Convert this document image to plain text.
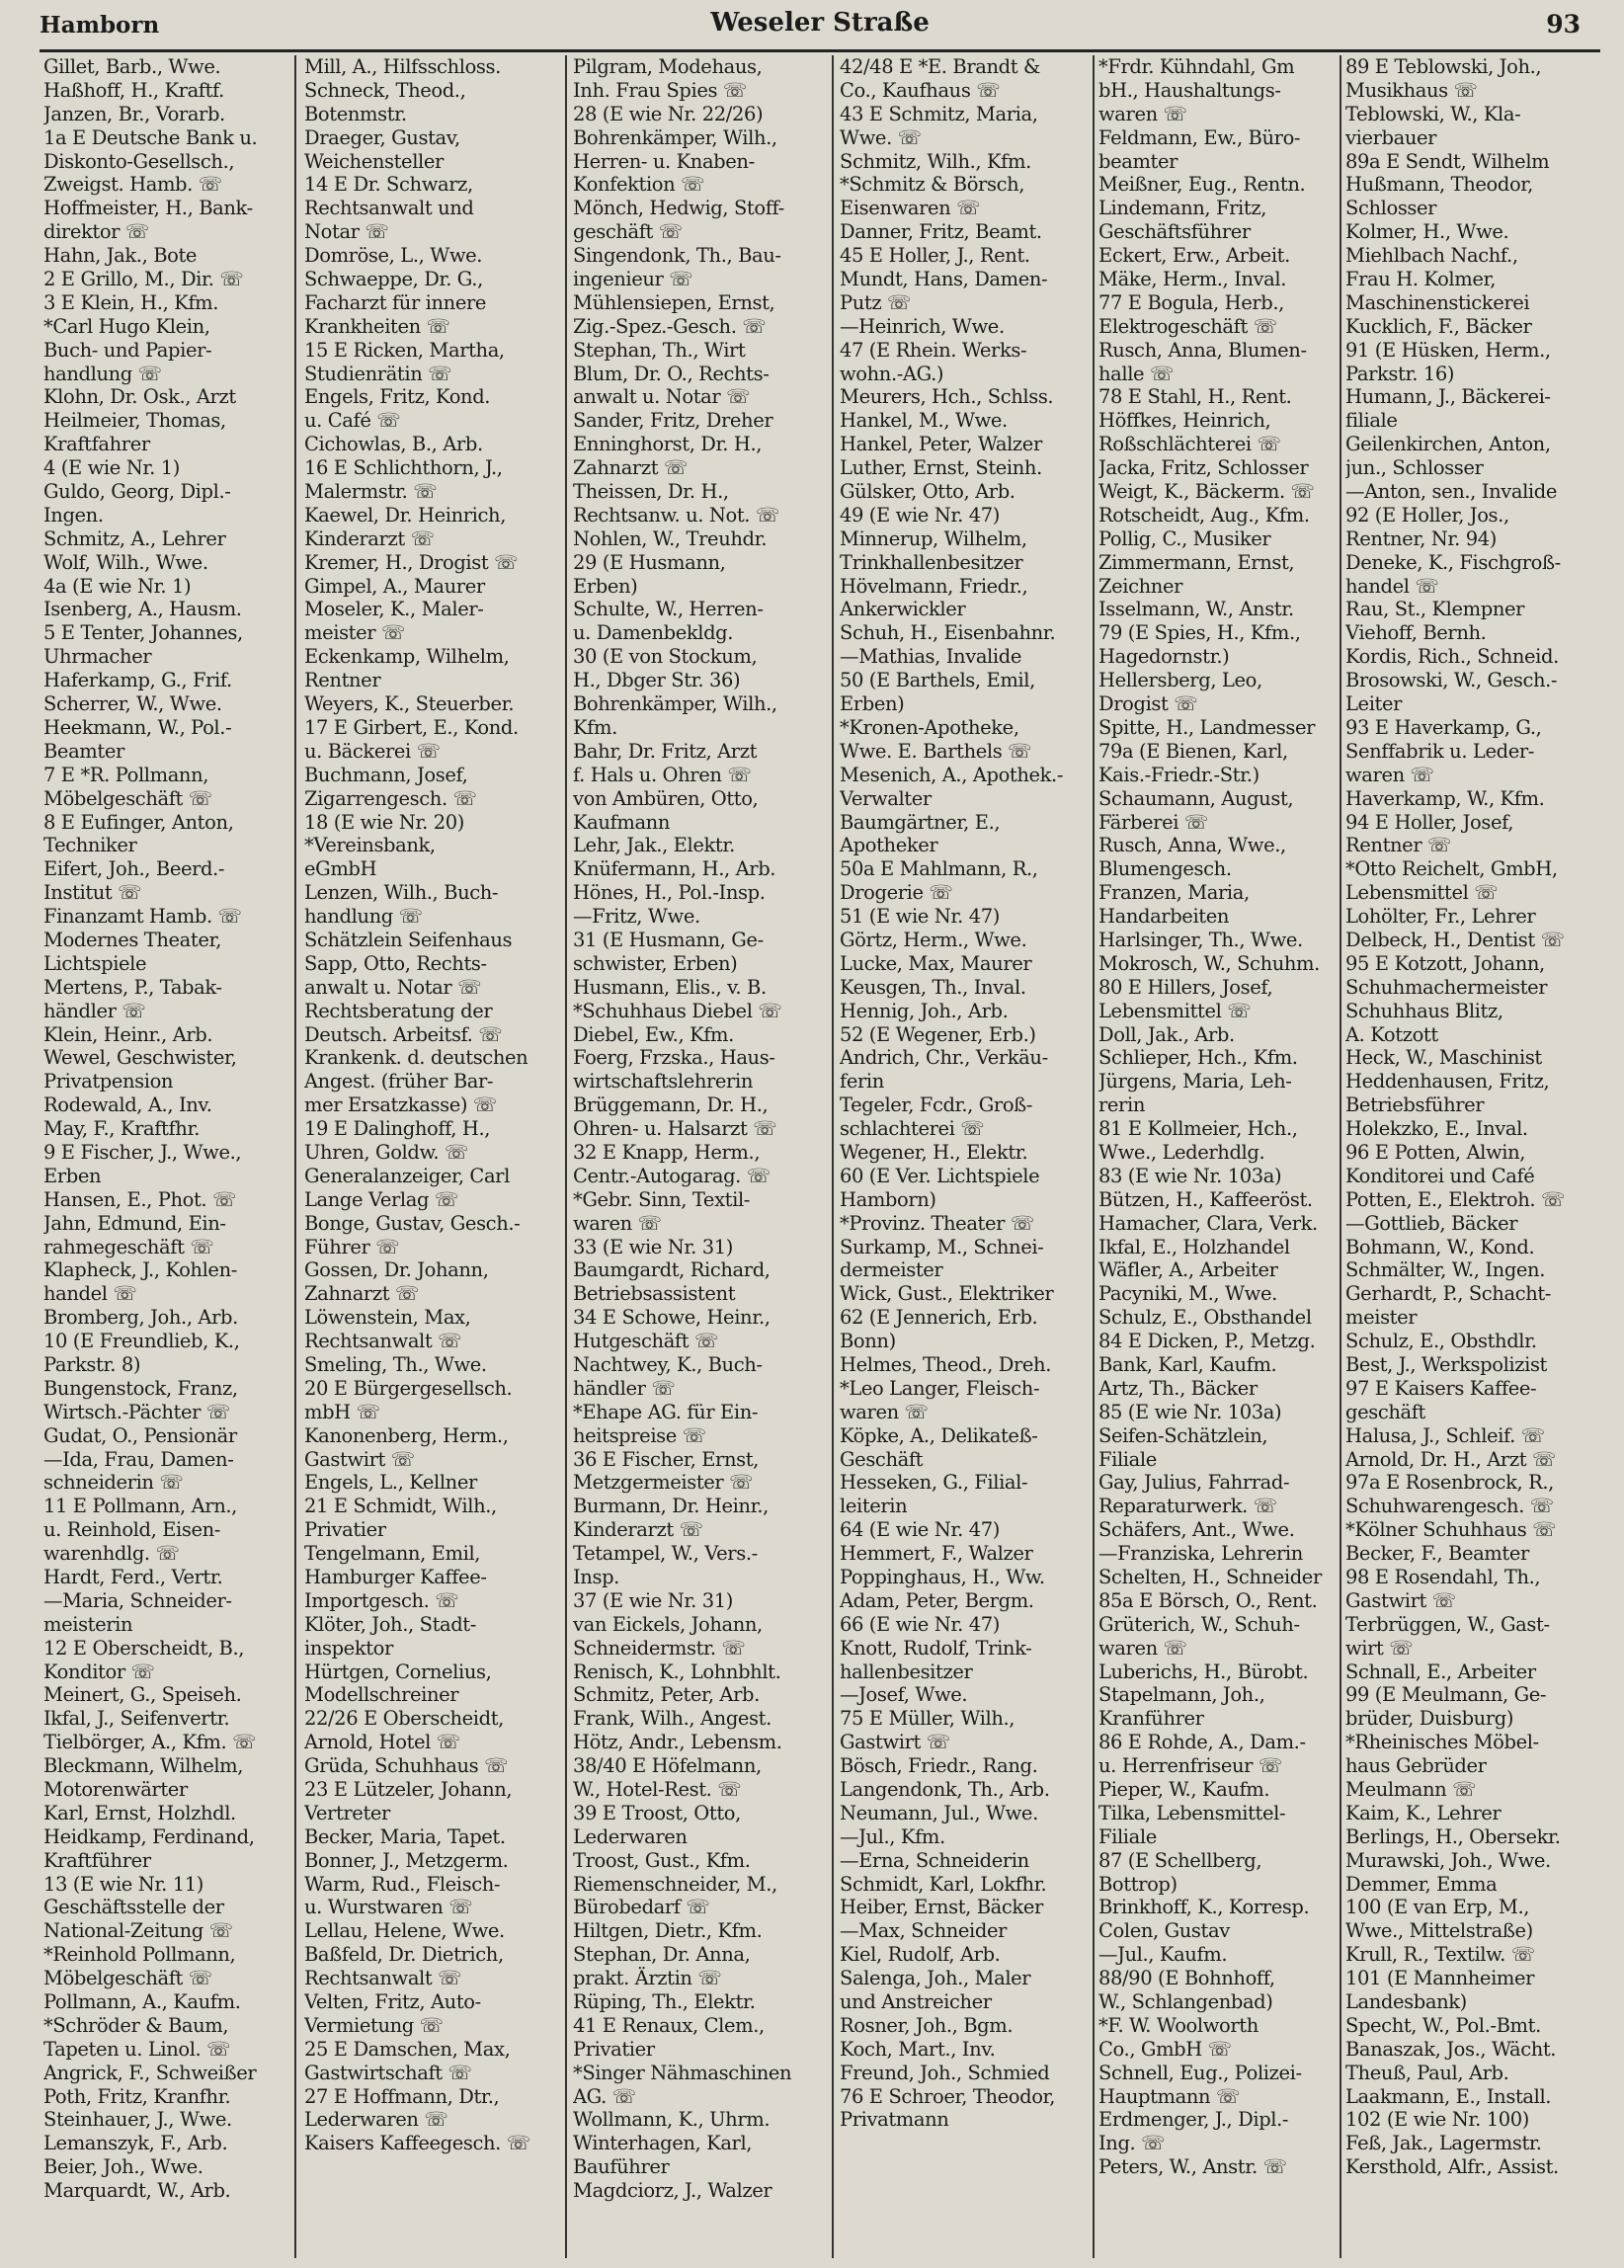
Hamborn	Weseler Straße	93
Gillet, Barb., Wwe.
Haßhoff, H., Kraftf.
Janzen, Br., Vorarb.
1a E Deutsche Bank u.
Diskonto-Gesellsch.,
Zweigst. Hamb. ☏
Hoffmeister, H., Bank-
direktor ☏
Hahn, Jak., Bote
2 E Grillo, M., Dir. ☏
3 E Klein, H., Kfm.
*Carl Hugo Klein,
Buch- und Papier-
handlung ☏
Klohn, Dr. Osk., Arzt
Heilmeier, Thomas,
Kraftfahrer
4 (E wie Nr. 1)
Guldo, Georg, Dipl.-
Ingen.
Schmitz, A., Lehrer
Wolf, Wilh., Wwe.
4a (E wie Nr. 1)
Isenberg, A., Hausm.
5 E Tenter, Johannes,
Uhrmacher
Haferkamp, G., Frif.
Scherrer, W., Wwe.
Heekmann, W., Pol.-
Beamter
7 E *R. Pollmann,
Möbelgeschäft ☏
8 E Eufinger, Anton,
Techniker
Eifert, Joh., Beerd.-
Institut ☏
Finanzamt Hamb. ☏
Modernes Theater,
Lichtspiele
Mertens, P., Tabak-
händler ☏
Klein, Heinr., Arb.
Wewel, Geschwister,
Privatpension
Rodewald, A., Inv.
May, F., Kraftfhr.
9 E Fischer, J., Wwe.,
Erben
Hansen, E., Phot. ☏
Jahn, Edmund, Ein-
rahmegeschäft ☏
Klapheck, J., Kohlen-
handel ☏
Bromberg, Joh., Arb.
10 (E Freundlieb, K.,
Parkstr. 8)
Bungenstock, Franz,
Wirtsch.-Pächter ☏
Gudat, O., Pensionär
—Ida, Frau, Damen-
schneiderin ☏
11 E Pollmann, Arn.,
u. Reinhold, Eisen-
warenhdlg. ☏
Hardt, Ferd., Vertr.
—Maria, Schneider-
meisterin
12 E Oberscheidt, B.,
Konditor ☏
Meinert, G., Speiseh.
Ikfal, J., Seifenvertr.
Tielbörger, A., Kfm. ☏
Bleckmann, Wilhelm,
Motorenwärter
Karl, Ernst, Holzhdl.
Heidkamp, Ferdinand,
Kraftführer
13 (E wie Nr. 11)
Geschäftsstelle der
National-Zeitung ☏
*Reinhold Pollmann,
Möbelgeschäft ☏
Pollmann, A., Kaufm.
*Schröder & Baum,
Tapeten u. Linol. ☏
Angrick, F., Schweißer
Poth, Fritz, Kranfhr.
Steinhauer, J., Wwe.
Lemanszyk, F., Arb.
Beier, Joh., Wwe.
Marquardt, W., Arb.
Mill, A., Hilfsschloss.
Schneck, Theod.,
Botenmstr.
Draeger, Gustav,
Weichensteller
14 E Dr. Schwarz,
Rechtsanwalt und
Notar ☏
Domröse, L., Wwe.
Schwaeppe, Dr. G.,
Facharzt für innere
Krankheiten ☏
15 E Ricken, Martha,
Studienrätin ☏
Engels, Fritz, Kond.
u. Café ☏
Cichowlas, B., Arb.
16 E Schlichthorn, J.,
Malermstr. ☏
Kaewel, Dr. Heinrich,
Kinderarzt ☏
Kremer, H., Drogist ☏
Gimpel, A., Maurer
Moseler, K., Maler-
meister ☏
Eckenkamp, Wilhelm,
Rentner
Weyers, K., Steuerber.
17 E Girbert, E., Kond.
u. Bäckerei ☏
Buchmann, Josef,
Zigarrengesch. ☏
18 (E wie Nr. 20)
*Vereinsbank,
eGmbH
Lenzen, Wilh., Buch-
handlung ☏
Schätzlein Seifenhaus
Sapp, Otto, Rechts-
anwalt u. Notar ☏
Rechtsberatung der
Deutsch. Arbeitsf. ☏
Krankenk. d. deutschen
Angest. (früher Bar-
mer Ersatzkasse) ☏
19 E Dalinghoff, H.,
Uhren, Goldw. ☏
Generalanzeiger, Carl
Lange Verlag ☏
Bonge, Gustav, Gesch.-
Führer ☏
Gossen, Dr. Johann,
Zahnarzt ☏
Löwenstein, Max,
Rechtsanwalt ☏
Smeling, Th., Wwe.
20 E Bürgergesellsch.
mbH ☏
Kanonenberg, Herm.,
Gastwirt ☏
Engels, L., Kellner
21 E Schmidt, Wilh.,
Privatier
Tengelmann, Emil,
Hamburger Kaffee-
Importgesch. ☏
Klöter, Joh., Stadt-
inspektor
Hürtgen, Cornelius,
Modellschreiner
22/26 E Oberscheidt,
Arnold, Hotel ☏
Grüda, Schuhhaus ☏
23 E Lützeler, Johann,
Vertreter
Becker, Maria, Tapet.
Bonner, J., Metzgerm.
Warm, Rud., Fleisch-
u. Wurstwaren ☏
Lellau, Helene, Wwe.
Baßfeld, Dr. Dietrich,
Rechtsanwalt ☏
Velten, Fritz, Auto-
Vermietung ☏
25 E Damschen, Max,
Gastwirtschaft ☏
27 E Hoffmann, Dtr.,
Lederwaren ☏
Kaisers Kaffeegesch. ☏
Pilgram, Modehaus,
Inh. Frau Spies ☏
28 (E wie Nr. 22/26)
Bohrenkämper, Wilh.,
Herren- u. Knaben-
Konfektion ☏
Mönch, Hedwig, Stoff-
geschäft ☏
Singendonk, Th., Bau-
ingenieur ☏
Mühlensiepen, Ernst,
Zig.-Spez.-Gesch. ☏
Stephan, Th., Wirt
Blum, Dr. O., Rechts-
anwalt u. Notar ☏
Sander, Fritz, Dreher
Enninghorst, Dr. H.,
Zahnarzt ☏
Theissen, Dr. H.,
Rechtsanw. u. Not. ☏
Nohlen, W., Treuhdr.
29 (E Husmann,
Erben)
Schulte, W., Herren-
u. Damenbekldg.
30 (E von Stockum,
H., Dbger Str. 36)
Bohrenkämper, Wilh.,
Kfm.
Bahr, Dr. Fritz, Arzt
f. Hals u. Ohren ☏
von Ambüren, Otto,
Kaufmann
Lehr, Jak., Elektr.
Knüfermann, H., Arb.
Hönes, H., Pol.-Insp.
—Fritz, Wwe.
31 (E Husmann, Ge-
schwister, Erben)
Husmann, Elis., v. B.
*Schuhhaus Diebel ☏
Diebel, Ew., Kfm.
Foerg, Frzska., Haus-
wirtschaftslehrerin
Brüggemann, Dr. H.,
Ohren- u. Halsarzt ☏
32 E Knapp, Herm.,
Centr.-Autogarag. ☏
*Gebr. Sinn, Textil-
waren ☏
33 (E wie Nr. 31)
Baumgardt, Richard,
Betriebsassistent
34 E Schowe, Heinr.,
Hutgeschäft ☏
Nachtwey, K., Buch-
händler ☏
*Ehape AG. für Ein-
heitspreise ☏
36 E Fischer, Ernst,
Metzgermeister ☏
Burmann, Dr. Heinr.,
Kinderarzt ☏
Tetampel, W., Vers.-
Insp.
37 (E wie Nr. 31)
van Eickels, Johann,
Schneidermstr. ☏
Renisch, K., Lohnbhlt.
Schmitz, Peter, Arb.
Frank, Wilh., Angest.
Hötz, Andr., Lebensm.
38/40 E Höfelmann,
W., Hotel-Rest. ☏
39 E Troost, Otto,
Lederwaren
Troost, Gust., Kfm.
Riemenschneider, M.,
Bürobedarf ☏
Hiltgen, Dietr., Kfm.
Stephan, Dr. Anna,
prakt. Ärztin ☏
Rüping, Th., Elektr.
41 E Renaux, Clem.,
Privatier
*Singer Nähmaschinen
AG. ☏
Wollmann, K., Uhrm.
Winterhagen, Karl,
Bauführer
Magdciorz, J., Walzer
42/48 E *E. Brandt &
Co., Kaufhaus ☏
43 E Schmitz, Maria,
Wwe. ☏
Schmitz, Wilh., Kfm.
*Schmitz & Börsch,
Eisenwaren ☏
Danner, Fritz, Beamt.
45 E Holler, J., Rent.
Mundt, Hans, Damen-
Putz ☏
—Heinrich, Wwe.
47 (E Rhein. Werks-
wohn.-AG.)
Meurers, Hch., Schlss.
Hankel, M., Wwe.
Hankel, Peter, Walzer
Luther, Ernst, Steinh.
Gülsker, Otto, Arb.
49 (E wie Nr. 47)
Minnerup, Wilhelm,
Trinkhallenbesitzer
Hövelmann, Friedr.,
Ankerwickler
Schuh, H., Eisenbahnr.
—Mathias, Invalide
50 (E Barthels, Emil,
Erben)
*Kronen-Apotheke,
Wwe. E. Barthels ☏
Mesenich, A., Apothek.-
Verwalter
Baumgärtner, E.,
Apotheker
50a E Mahlmann, R.,
Drogerie ☏
51 (E wie Nr. 47)
Görtz, Herm., Wwe.
Lucke, Max, Maurer
Keusgen, Th., Inval.
Hennig, Joh., Arb.
52 (E Wegener, Erb.)
Andrich, Chr., Verkäu-
ferin
Tegeler, Fcdr., Groß-
schlachterei ☏
Wegener, H., Elektr.
60 (E Ver. Lichtspiele
Hamborn)
*Provinz. Theater ☏
Surkamp, M., Schnei-
dermeister
Wick, Gust., Elektriker
62 (E Jennerich, Erb.
Bonn)
Helmes, Theod., Dreh.
*Leo Langer, Fleisch-
waren ☏
Köpke, A., Delikateß-
Geschäft
Hesseken, G., Filial-
leiterin
64 (E wie Nr. 47)
Hemmert, F., Walzer
Poppinghaus, H., Ww.
Adam, Peter, Bergm.
66 (E wie Nr. 47)
Knott, Rudolf, Trink-
hallenbesitzer
—Josef, Wwe.
75 E Müller, Wilh.,
Gastwirt ☏
Bösch, Friedr., Rang.
Langendonk, Th., Arb.
Neumann, Jul., Wwe.
—Jul., Kfm.
—Erna, Schneiderin
Schmidt, Karl, Lokfhr.
Heiber, Ernst, Bäcker
—Max, Schneider
Kiel, Rudolf, Arb.
Salenga, Joh., Maler
und Anstreicher
Rosner, Joh., Bgm.
Koch, Mart., Inv.
Freund, Joh., Schmied
76 E Schroer, Theodor,
Privatmann
*Frdr. Kühndahl, Gm
bH., Haushaltungs-
waren ☏
Feldmann, Ew., Büro-
beamter
Meißner, Eug., Rentn.
Lindemann, Fritz,
Geschäftsführer
Eckert, Erw., Arbeit.
Mäke, Herm., Inval.
77 E Bogula, Herb.,
Elektrogeschäft ☏
Rusch, Anna, Blumen-
halle ☏
78 E Stahl, H., Rent.
Höffkes, Heinrich,
Roßschlächterei ☏
Jacka, Fritz, Schlosser
Weigt, K., Bäckerm. ☏
Rotscheidt, Aug., Kfm.
Pollig, C., Musiker
Zimmermann, Ernst,
Zeichner
Isselmann, W., Anstr.
79 (E Spies, H., Kfm.,
Hagedornstr.)
Hellersberg, Leo,
Drogist ☏
Spitte, H., Landmesser
79a (E Bienen, Karl,
Kais.-Friedr.-Str.)
Schaumann, August,
Färberei ☏
Rusch, Anna, Wwe.,
Blumengesch.
Franzen, Maria,
Handarbeiten
Harlsinger, Th., Wwe.
Mokrosch, W., Schuhm.
80 E Hillers, Josef,
Lebensmittel ☏
Doll, Jak., Arb.
Schlieper, Hch., Kfm.
Jürgens, Maria, Leh-
rerin
81 E Kollmeier, Hch.,
Wwe., Lederhdlg.
83 (E wie Nr. 103a)
Bützen, H., Kaffeeröst.
Hamacher, Clara, Verk.
Ikfal, E., Holzhandel
Wäfler, A., Arbeiter
Pacyniki, M., Wwe.
Schulz, E., Obsthandel
84 E Dicken, P., Metzg.
Bank, Karl, Kaufm.
Artz, Th., Bäcker
85 (E wie Nr. 103a)
Seifen-Schätzlein,
Filiale
Gay, Julius, Fahrrad-
Reparaturwerk. ☏
Schäfers, Ant., Wwe.
—Franziska, Lehrerin
Schelten, H., Schneider
85a E Börsch, O., Rent.
Grüterich, W., Schuh-
waren ☏
Luberichs, H., Bürobt.
Stapelmann, Joh.,
Kranführer
86 E Rohde, A., Dam.-
u. Herrenfriseur ☏
Pieper, W., Kaufm.
Tilka, Lebensmittel-
Filiale
87 (E Schellberg,
Bottrop)
Brinkhoff, K., Korresp.
Colen, Gustav
—Jul., Kaufm.
88/90 (E Bohnhoff,
W., Schlangenbad)
*F. W. Woolworth
Co., GmbH ☏
Schnell, Eug., Polizei-
Hauptmann ☏
Erdmenger, J., Dipl.-
Ing. ☏
Peters, W., Anstr. ☏
89 E Teblowski, Joh.,
Musikhaus ☏
Teblowski, W., Kla-
vierbauer
89a E Sendt, Wilhelm
Hußmann, Theodor,
Schlosser
Kolmer, H., Wwe.
Miehlbach Nachf.,
Frau H. Kolmer,
Maschinenstickerei
Kucklich, F., Bäcker
91 (E Hüsken, Herm.,
Parkstr. 16)
Humann, J., Bäckerei-
filiale
Geilenkirchen, Anton,
jun., Schlosser
—Anton, sen., Invalide
92 (E Holler, Jos.,
Rentner, Nr. 94)
Deneke, K., Fischgroß-
handel ☏
Rau, St., Klempner
Viehoff, Bernh.
Kordis, Rich., Schneid.
Brosowski, W., Gesch.-
Leiter
93 E Haverkamp, G.,
Senffabrik u. Leder-
waren ☏
Haverkamp, W., Kfm.
94 E Holler, Josef,
Rentner ☏
*Otto Reichelt, GmbH,
Lebensmittel ☏
Lohölter, Fr., Lehrer
Delbeck, H., Dentist ☏
95 E Kotzott, Johann,
Schuhmachermeister
Schuhhaus Blitz,
A. Kotzott
Heck, W., Maschinist
Heddenhausen, Fritz,
Betriebsführer
Holekzko, E., Inval.
96 E Potten, Alwin,
Konditorei und Café
Potten, E., Elektroh. ☏
—Gottlieb, Bäcker
Bohmann, W., Kond.
Schmälter, W., Ingen.
Gerhardt, P., Schacht-
meister
Schulz, E., Obsthdlr.
Best, J., Werkspolizist
97 E Kaisers Kaffee-
geschäft
Halusa, J., Schleif. ☏
Arnold, Dr. H., Arzt ☏
97a E Rosenbrock, R.,
Schuhwarengesch. ☏
*Kölner Schuhhaus ☏
Becker, F., Beamter
98 E Rosendahl, Th.,
Gastwirt ☏
Terbrüggen, W., Gast-
wirt ☏
Schnall, E., Arbeiter
99 (E Meulmann, Ge-
brüder, Duisburg)
*Rheinisches Möbel-
haus Gebrüder
Meulmann ☏
Kaim, K., Lehrer
Berlings, H., Obersekr.
Murawski, Joh., Wwe.
Demmer, Emma
100 (E van Erp, M.,
Wwe., Mittelstraße)
Krull, R., Textilw. ☏
101 (E Mannheimer
Landesbank)
Specht, W., Pol.-Bmt.
Banaszak, Jos., Wächt.
Theuß, Paul, Arb.
Laakmann, E., Install.
102 (E wie Nr. 100)
Feß, Jak., Lagermstr.
Kersthold, Alfr., Assist.
